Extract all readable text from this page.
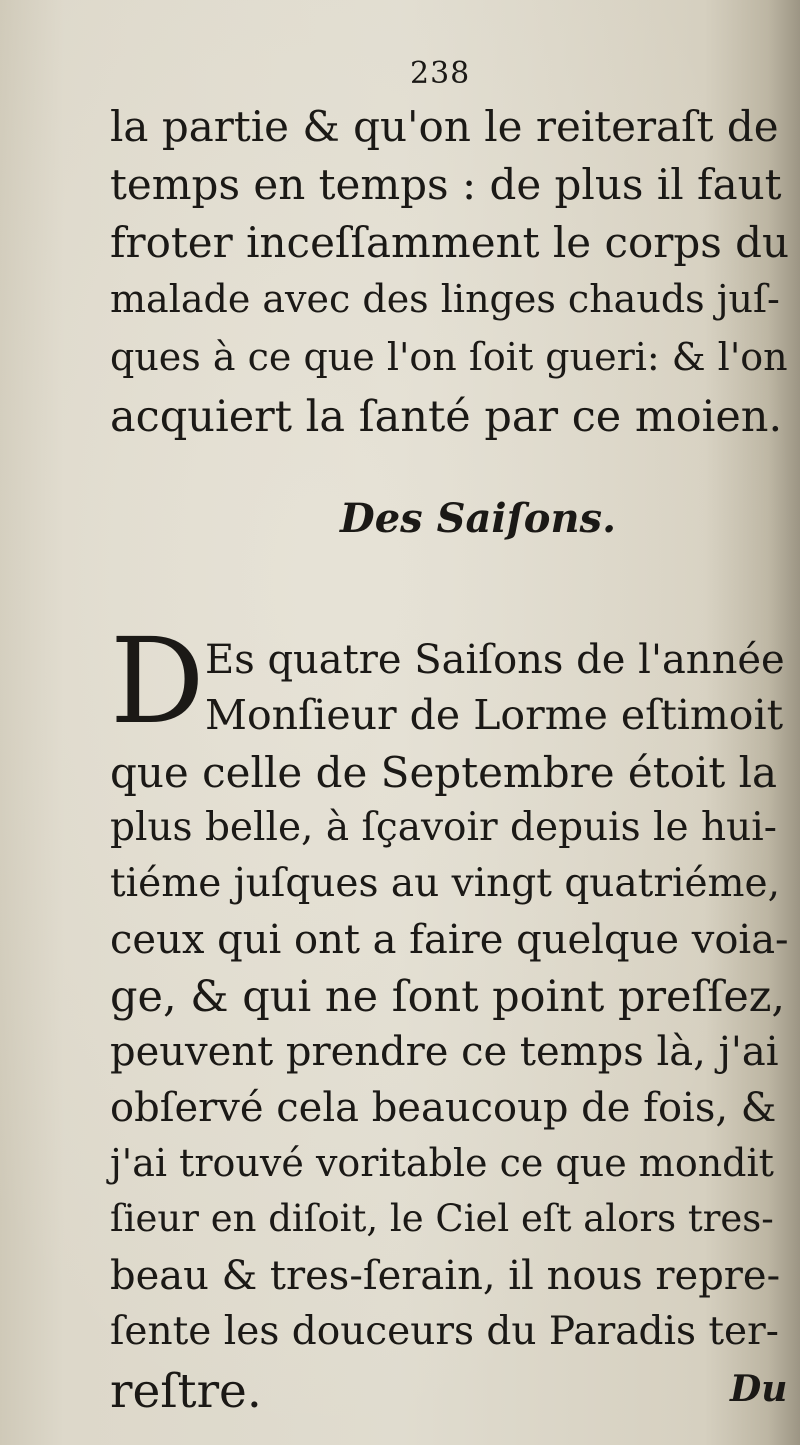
238
la partie & qu'on le reiteraſt de
temps en temps : de plus il faut
froter inceſſamment le corps du
malade avec des linges chauds juſ-
ques à ce que l'on ſoit gueri: & l'on
acquiert la ſanté par ce moien.
Des Saiſons.
D Es quatre Saiſons de l'année
Monſieur de Lorme eſtimoit
que celle de Septembre étoit la
plus belle, à ſçavoir depuis le hui-
tiéme juſques au vingt quatriéme,
ceux qui ont a faire quelque voia-
ge, & qui ne ſont point preſſez,
peuvent prendre ce temps là, j'ai
obſervé cela beaucoup de fois, &
j'ai trouvé voritable ce que mondit
ſieur en diſoit, le Ciel eſt alors tres-
beau & tres-ſerain, il nous repre-
ſente les douceurs du Paradis ter-
reſtre.	Du
